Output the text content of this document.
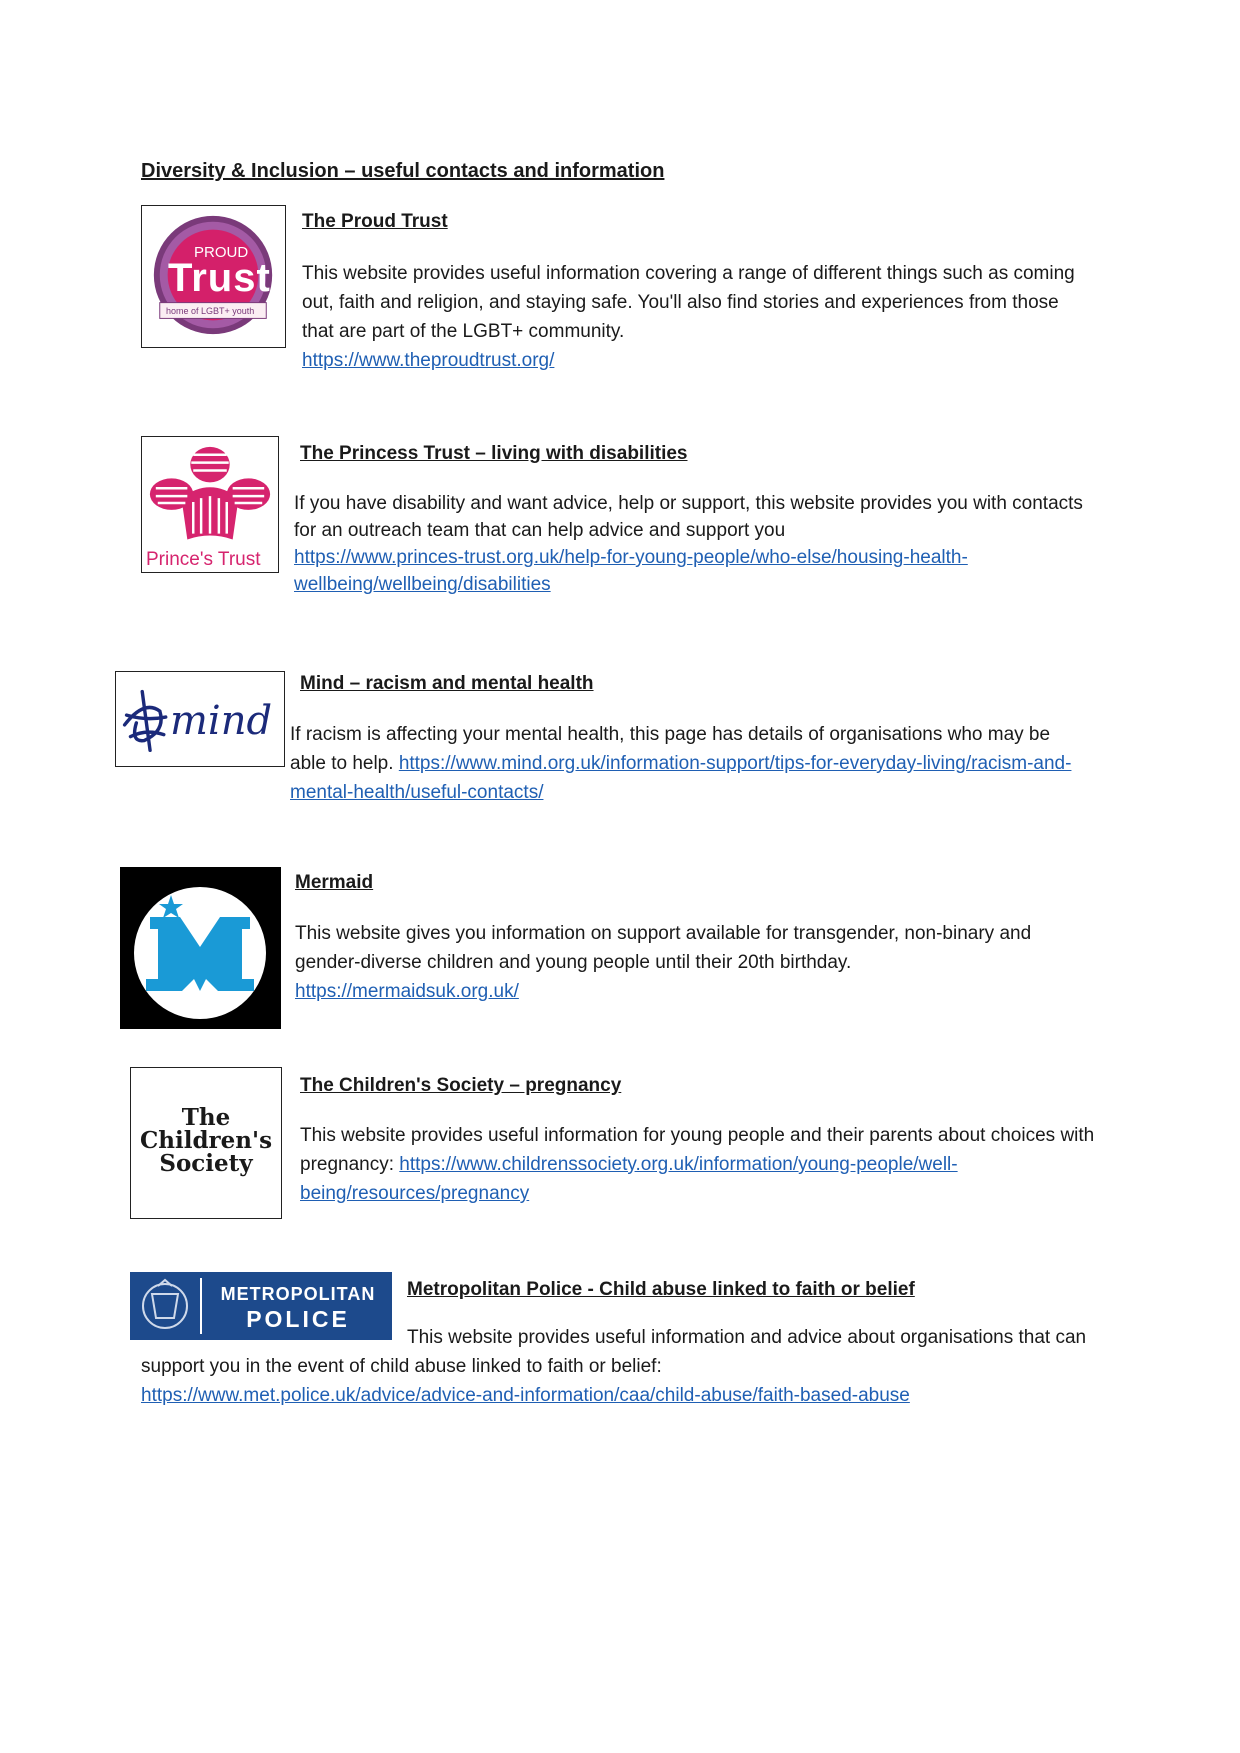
Diversity & Inclusion – useful contacts and information
PROUD
Trust
home of LGBT+ youth
The Proud Trust

This website provides useful information covering a range of different things such as coming out, faith and religion, and staying safe. You'll also find stories and experiences from those that are part of the LGBT+ community.
https://www.theproudtrust.org/

Prince's Trust
The Princess Trust – living with disabilities

If you have disability and want advice, help or support, this website provides you with contacts for an outreach team that can help advice and support you
https://www.princes-trust.org.uk/help-for-young-people/who-else/housing-health-wellbeing/wellbeing/disabilities

mind
Mind – racism and mental health

If racism is affecting your mental health, this page has details of organisations who may be able to help. https://www.mind.org.uk/information-support/tips-for-everyday-living/racism-and-mental-health/useful-contacts/

Mermaid

This website gives you information on support available for transgender, non-binary and gender-diverse children and young people until their 20th birthday.
https://mermaidsuk.org.uk/

The
Children's
Society
The Children's Society – pregnancy

This website provides useful information for young people and their parents about choices with pregnancy: https://www.childrenssociety.org.uk/information/young-people/well-being/resources/pregnancy

METROPOLITAN
POLICE
Metropolitan Police - Child abuse linked to faith or belief

This website provides useful information and advice about organisations that can support you in the event of child abuse linked to faith or belief:
https://www.met.police.uk/advice/advice-and-information/caa/child-abuse/faith-based-abuse
